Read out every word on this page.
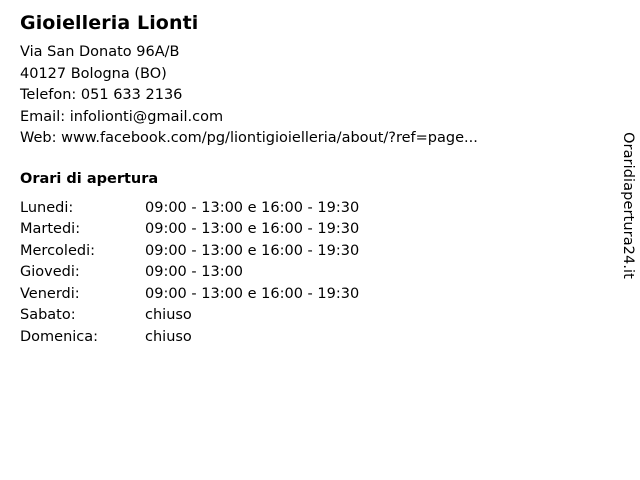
Gioielleria Lionti
Via San Donato 96A/B
40127 Bologna (BO)
Telefon: 051 633 2136
Email: infolionti@gmail.com
Web: www.facebook.com/pg/liontigioielleria/about/?ref=page...
Orari di apertura
Lunedi:	09:00 - 13:00 e 16:00 - 19:30
Martedi:	09:00 - 13:00 e 16:00 - 19:30
Mercoledi:	09:00 - 13:00 e 16:00 - 19:30
Giovedi:	09:00 - 13:00
Venerdi:	09:00 - 13:00 e 16:00 - 19:30
Sabato:	chiuso
Domenica:	chiuso
Oraridiapertura24.it
